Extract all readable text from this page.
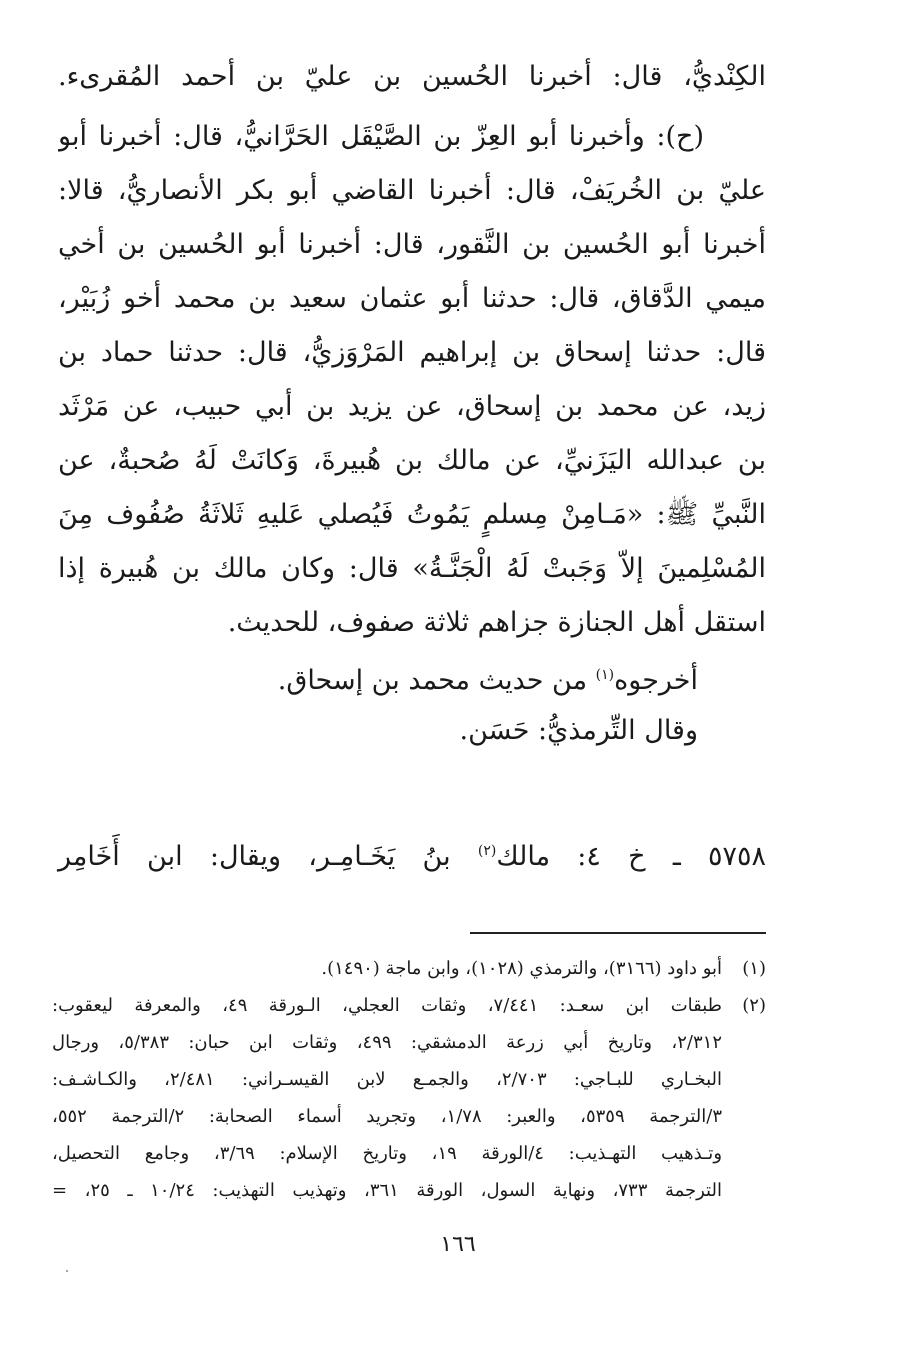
الكِنْديُّ، قال: أخبرنا الحُسين بن عليّ بن أحمد المُقرىء.
(ح): وأخبرنا أبو العِزّ بن الصَّيْقَل الحَرَّانيُّ، قال: أخبرنا أبو
عليّ بن الخُريَفْ، قال: أخبرنا القاضي أبو بكر الأنصاريُّ، قالا:
أخبرنا أبو الحُسين بن النَّقور، قال: أخبرنا أبو الحُسين بن أخي
ميمي الدَّقاق، قال: حدثنا أبو عثمان سعيد بن محمد أخو زُبَيْر،
قال: حدثنا إسحاق بن إبراهيم المَرْوَزيُّ، قال: حدثنا حماد بن
زيد، عن محمد بن إسحاق، عن يزيد بن أبي حبيب، عن مَرْثَد
بن عبدالله اليَزَنيِّ، عن مالك بن هُبيرةَ، وَكانَتْ لَهُ صُحبةٌ، عن
النَّبيِّ ﷺ: «مَـامِنْ مِسلمٍ يَمُوتُ فَيُصلي عَليهِ ثَلاثَةُ صُفُوف مِنَ
المُسْلِمينَ إلاّ وَجَبتْ لَهُ الْجَنَّـةُ» قال: وكان مالك بن هُبيرة إذا
استقل أهل الجنازة جزاهم ثلاثة صفوف، للحديث.
أخرجوه$^{(١)}$ من حديث محمد بن إسحاق.
وقال التِّرمذيُّ: حَسَن.
٥٧٥٨ ـ خ ٤: مالك$^{(٢)}$ بنُ يَخَـامِـر، ويقال: ابن أَخَامِر
(١)
أبو داود (٣١٦٦)، والترمذي (١٠٢٨)، وابن ماجة (١٤٩٠).
(٢)
طبقات ابن سعـد: ٧/٤٤١، وثقات العجلي، الـورقة ٤٩، والمعرفة ليعقوب:
٢/٣١٢، وتاريخ أبي زرعة الدمشقي: ٤٩٩، وثقات ابن حبان: ٥/٣٨٣، ورجال
البخـاري للبـاجي: ٢/٧٠٣، والجمـع لابن القيسـراني: ٢/٤٨١، والكـاشـف:
٣/الترجمة ٥٣٥٩، والعبر: ١/٧٨، وتجريد أسماء الصحابة: ٢/الترجمة ٥٥٢،
وتـذهيب التهـذيب: ٤/الورقة ١٩، وتاريخ الإسلام: ٣/٦٩، وجامع التحصيل،
الترجمة ٧٣٣، ونهاية السول، الورقة ٣٦١، وتهذيب التهذيب: ١٠/٢٤ ـ ٢٥، =
١٦٦
